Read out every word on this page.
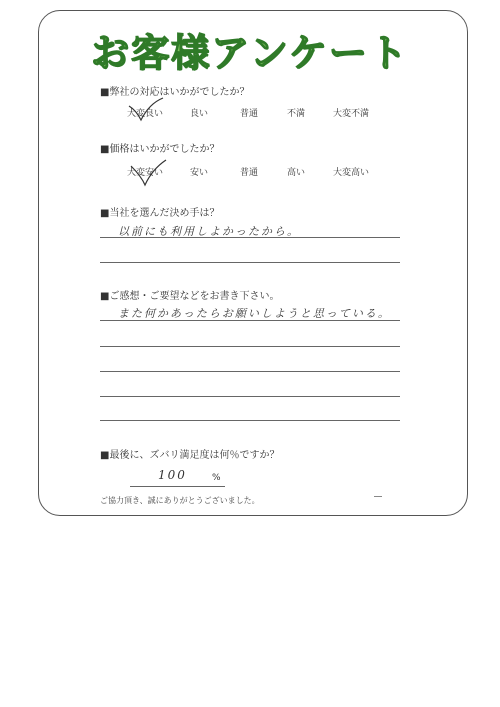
お客様アンケート
■弊社の対応はいかがでしたか？
大変良い	良い	普通	不満	大変不満
■価格はいかがでしたか？
大変安い	安い	普通	高い	大変高い
■当社を選んだ決め手は？
以前にも利用しよかったから。
■ご感想・ご要望などをお書き下さい。
また何かあったらお願いしようと思っている。
■最後に、ズバリ満足度は何％ですか？
100	%
ご協力頂き、誠にありがとうございました。
